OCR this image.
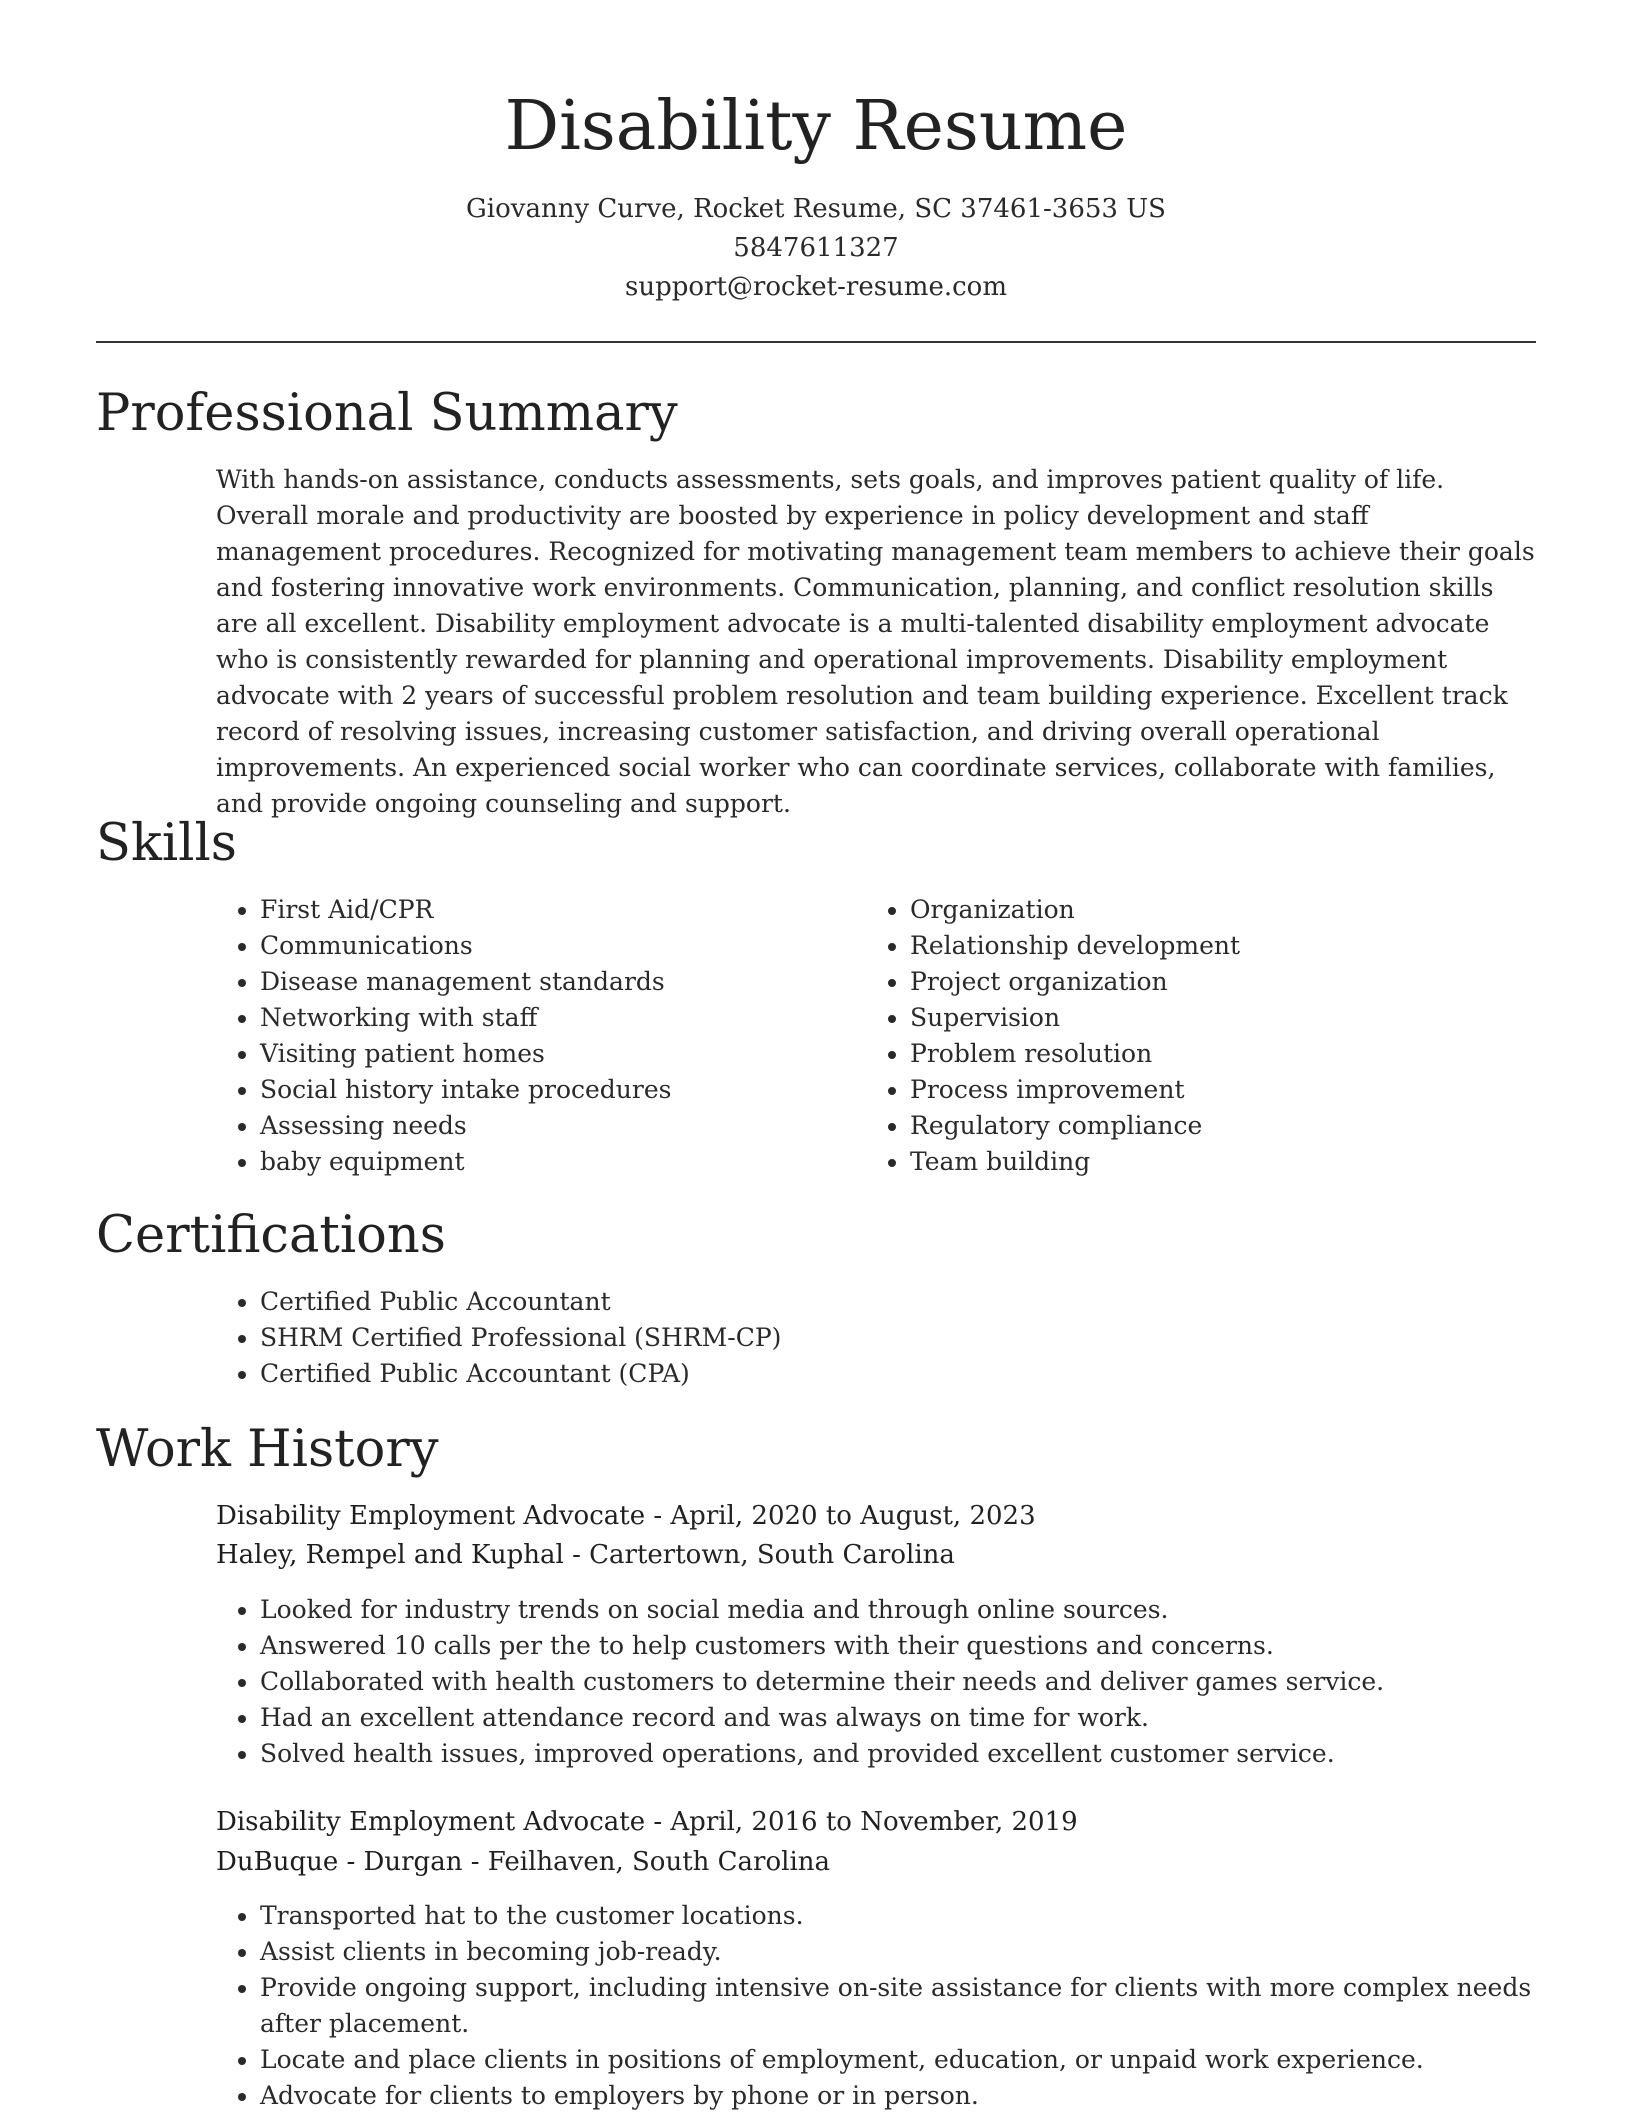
Disability Resume
Giovanny Curve, Rocket Resume, SC 37461-3653 US
5847611327
support@rocket-resume.com
Professional Summary

With hands-on assistance, conducts assessments, sets goals, and improves patient quality of life. Overall morale and productivity are boosted by experience in policy development and staff management procedures. Recognized for motivating management team members to achieve their goals and fostering innovative work environments. Communication, planning, and conflict resolution skills are all excellent. Disability employment advocate is a multi-talented disability employment advocate who is consistently rewarded for planning and operational improvements. Disability employment advocate with 2 years of successful problem resolution and team building experience. Excellent track record of resolving issues, increasing customer satisfaction, and driving overall operational improvements. An experienced social worker who can coordinate services, collaborate with families, and provide ongoing counseling and support.

Skills
• First Aid/CPR
• Communications
• Disease management standards
• Networking with staff
• Visiting patient homes
• Social history intake procedures
• Assessing needs
• baby equipment
• Organization
• Relationship development
• Project organization
• Supervision
• Problem resolution
• Process improvement
• Regulatory compliance
• Team building
Certifications
• Certified Public Accountant
• SHRM Certified Professional (SHRM-CP)
• Certified Public Accountant (CPA)
Work History
Disability Employment Advocate - April, 2020 to August, 2023
Haley, Rempel and Kuphal - Cartertown, South Carolina
• Looked for industry trends on social media and through online sources.
• Answered 10 calls per the to help customers with their questions and concerns.
• Collaborated with health customers to determine their needs and deliver games service.
• Had an excellent attendance record and was always on time for work.
• Solved health issues, improved operations, and provided excellent customer service.
Disability Employment Advocate - April, 2016 to November, 2019
DuBuque - Durgan - Feilhaven, South Carolina
• Transported hat to the customer locations.
• Assist clients in becoming job-ready.
• Provide ongoing support, including intensive on-site assistance for clients with more complex needs after placement.
• Locate and place clients in positions of employment, education, or unpaid work experience.
• Advocate for clients to employers by phone or in person.
